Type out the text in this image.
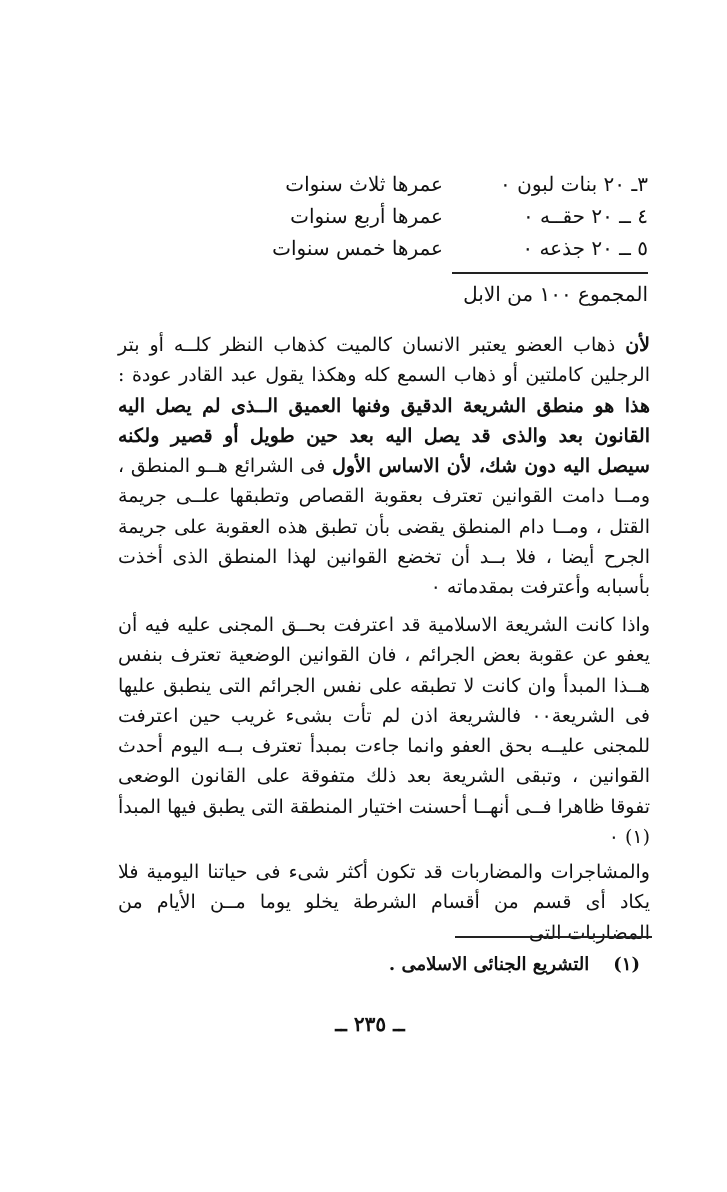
٣ـ ٢٠ بنات لبون ٠
عمرها ثلاث سنوات
٤ ــ ٢٠ حقــه ٠
عمرها أربع سنوات
٥ ــ ٢٠ جذعه ٠
عمرها خمس سنوات
المجموع ١٠٠ من الابل

لأن ذهاب العضو يعتبر الانسان كالميت كذهاب النظر كلــه أو بتر الرجلين كاملتين أو ذهاب السمع كله وهكذا يقول عبد القادر عودة : هذا هو منطق الشريعة الدقيق وفنها العميق الــذى لم يصل اليه القانون بعد والذى قد يصل اليه بعد حين طويل أو قصير ولكنه سيصل اليه دون شك، لأن الاساس الأول فى الشرائع هــو المنطق ، ومــا دامت القوانين تعترف بعقوبة القصاص وتطبقها علــى جريمة القتل ، ومــا دام المنطق يقضى بأن تطبق هذه العقوبة على جريمة الجرح أيضا ، فلا بــد أن تخضع القوانين لهذا المنطق الذى أخذت بأسبابه وأعترفت بمقدماته ٠

واذا كانت الشريعة الاسلامية قد اعترفت بحــق المجنى عليه فيه أن يعفو عن عقوبة بعض الجرائم ، فان القوانين الوضعية تعترف بنفس هــذا المبدأ وان كانت لا تطبقه على نفس الجرائم التى ينطبق عليها فى الشريعة٠٠ فالشريعة اذن لم تأت بشىء غريب حين اعترفت للمجنى عليــه بحق العفو وانما جاءت بمبدأ تعترف بــه اليوم أحدث القوانين ، وتبقى الشريعة بعد ذلك متفوقة على القانون الوضعى تفوقا ظاهرا فــى أنهــا أحسنت اختيار المنطقة التى يطبق فيها المبدأ (١) ٠

والمشاجرات والمضاربات قد تكون أكثر شىء فى حياتنا اليومية فلا يكاد أى قسم من أقسام الشرطة يخلو يوما مــن الأيام من المضاربات التى

(١)التشريع الجنائى الاسلامى .
ــ ٢٣٥ ــ
